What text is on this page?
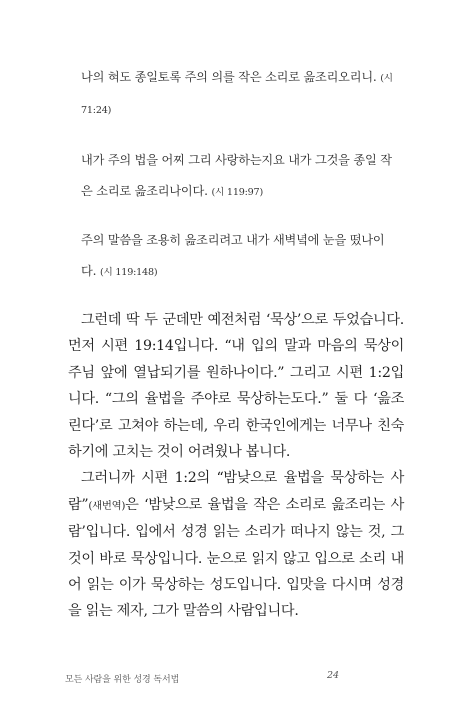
나의 혀도 종일토록 주의 의를 작은 소리로 읊조리오리니. (시 71:24)
내가 주의 법을 어찌 그리 사랑하는지요 내가 그것을 종일 작은 소리로 읊조리나이다. (시 119:97)
주의 말씀을 조용히 읊조리려고 내가 새벽녘에 눈을 떴나이다. (시 119:148)

그런데 딱 두 군데만 예전처럼 ‘묵상’으로 두었습니다. 먼저 시편 19:14입니다. “내 입의 말과 마음의 묵상이 주님 앞에 열납되기를 원하나이다.” 그리고 시편 1:2입니다. “그의 율법을 주야로 묵상하는도다.” 둘 다 ‘읊조린다’로 고쳐야 하는데, 우리 한국인에게는 너무나 친숙하기에 고치는 것이 어려웠나 봅니다.

그러니까 시편 1:2의 “밤낮으로 율법을 묵상하는 사람”(새번역)은 ‘밤낮으로 율법을 작은 소리로 읊조리는 사람’입니다. 입에서 성경 읽는 소리가 떠나지 않는 것, 그것이 바로 묵상입니다. 눈으로 읽지 않고 입으로 소리 내어 읽는 이가 묵상하는 성도입니다. 입맛을 다시며 성경을 읽는 제자, 그가 말씀의 사람입니다.

모든 사람을 위한 성경 독서법	24
